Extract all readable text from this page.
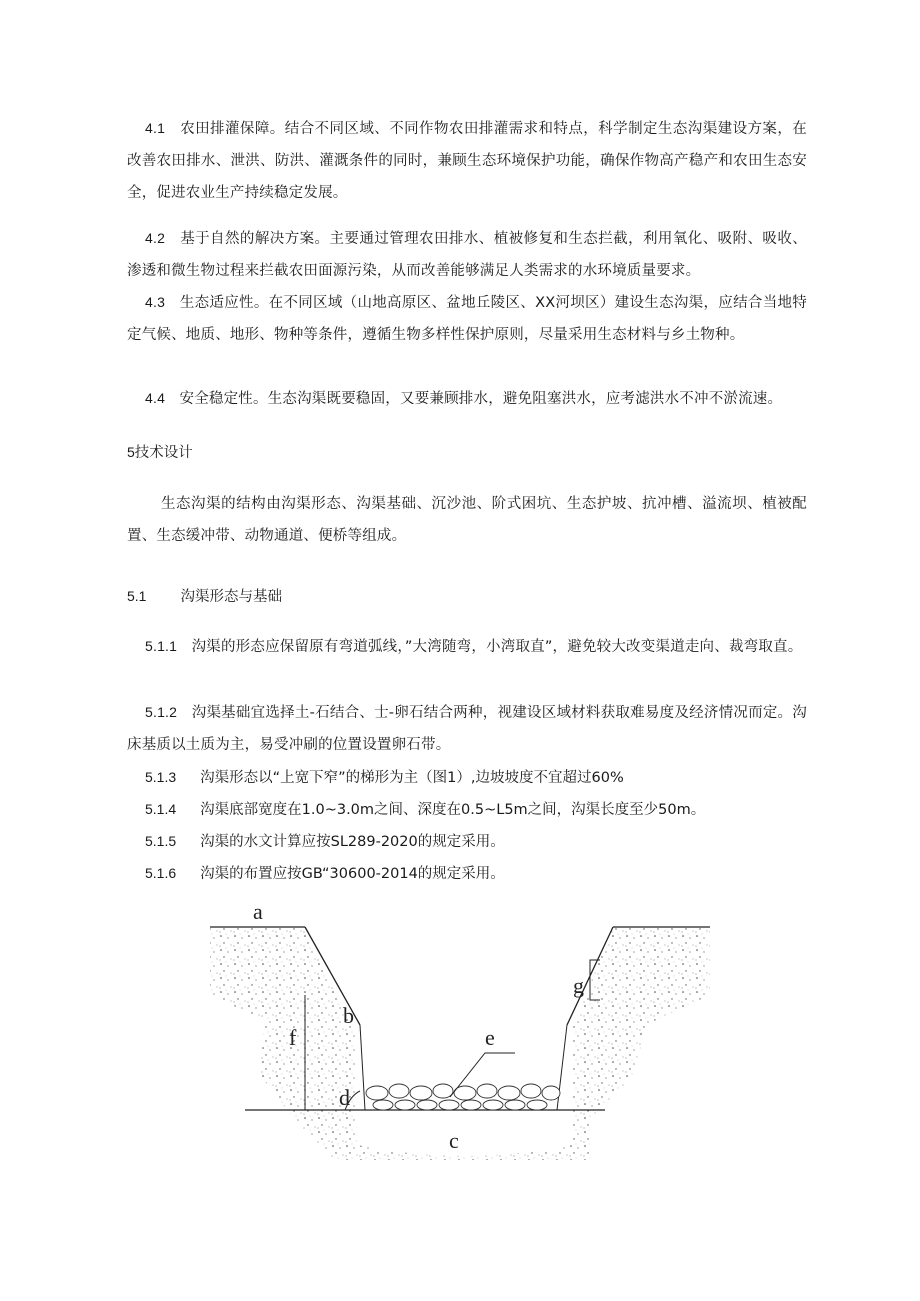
4.1 农田排灌保障。结合不同区域、不同作物农田排灌需求和特点，科学制定生态沟渠建设方案，在改善农田排水、泄洪、防洪、灌溉条件的同时，兼顾生态环境保护功能，确保作物高产稳产和农田生态安全，促进农业生产持续稳定发展。

4.2 基于自然的解决方案。主要通过管理农田排水、植被修复和生态拦截，利用氧化、吸附、吸收、渗透和微生物过程来拦截农田面源污染，从而改善能够满足人类需求的水环境质量要求。

4.3 生态适应性。在不同区域（山地高原区、盆地丘陵区、XX河坝区）建设生态沟渠，应结合当地特定气候、地质、地形、物种等条件，遵循生物多样性保护原则，尽量采用生态材料与乡土物种。

4.4 安全稳定性。生态沟渠既要稳固，又要兼顾排水，避免阻塞洪水，应考滤洪水不冲不淤流速。

5技术设计

生态沟渠的结构由沟渠形态、沟渠基础、沉沙池、阶式困坑、生态护坡、抗冲槽、溢流坝、植被配置、生态缓冲带、动物通道、便桥等组成。

5.1 沟渠形态与基础

5.1.1 沟渠的形态应保留原有弯道弧线，”大湾随弯，小湾取直”，避免较大改变渠道走向、裁弯取直。

5.1.2 沟渠基础宜选择土-石结合、士-卵石结合两种，视建设区域材料获取难易度及经济情况而定。沟床基质以土质为主，易受冲刷的位置设置卵石带。

5.1.3 沟渠形态以“上宽下窄”的梯形为主（图1）,边坡坡度不宜超过60%

5.1.4 沟渠底部宽度在1.0~3.0m之间、深度在0.5~L5m之间，沟渠长度至少50m。

5.1.5 沟渠的水文计算应按SL289-2020的规定采用。

5.1.6 沟渠的布置应按GB“30600-2014的规定采用。

a
b
c
d
e
f
g
